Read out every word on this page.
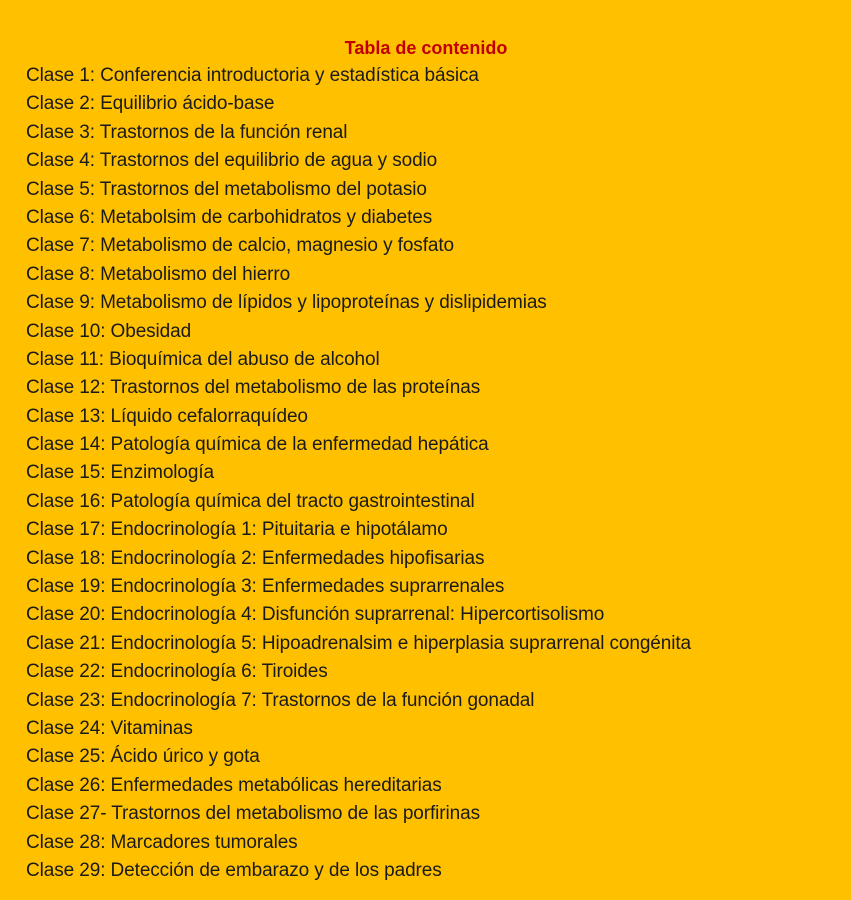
Tabla de contenido
Clase 1: Conferencia introductoria y estadística básica
Clase 2: Equilibrio ácido-base
Clase 3: Trastornos de la función renal
Clase 4: Trastornos del equilibrio de agua y sodio
Clase 5: Trastornos del metabolismo del potasio
Clase 6: Metabolsim de carbohidratos y diabetes
Clase 7: Metabolismo de calcio, magnesio y fosfato
Clase 8: Metabolismo del hierro
Clase 9: Metabolismo de lípidos y lipoproteínas y dislipidemias
Clase 10: Obesidad
Clase 11: Bioquímica del abuso de alcohol
Clase 12: Trastornos del metabolismo de las proteínas
Clase 13: Líquido cefalorraquídeo
Clase 14: Patología química de la enfermedad hepática
Clase 15: Enzimología
Clase 16: Patología química del tracto gastrointestinal
Clase 17: Endocrinología 1: Pituitaria e hipotálamo
Clase 18: Endocrinología 2: Enfermedades hipofisarias
Clase 19: Endocrinología 3: Enfermedades suprarrenales
Clase 20: Endocrinología 4: Disfunción suprarrenal: Hipercortisolismo
Clase 21: Endocrinología 5: Hipoadrenalsim e hiperplasia suprarrenal congénita
Clase 22: Endocrinología 6: Tiroides
Clase 23: Endocrinología 7: Trastornos de la función gonadal
Clase 24: Vitaminas
Clase 25: Ácido úrico y gota
Clase 26: Enfermedades metabólicas hereditarias
Clase 27- Trastornos del metabolismo de las porfirinas
Clase 28: Marcadores tumorales
Clase 29: Detección de embarazo y de los padres
